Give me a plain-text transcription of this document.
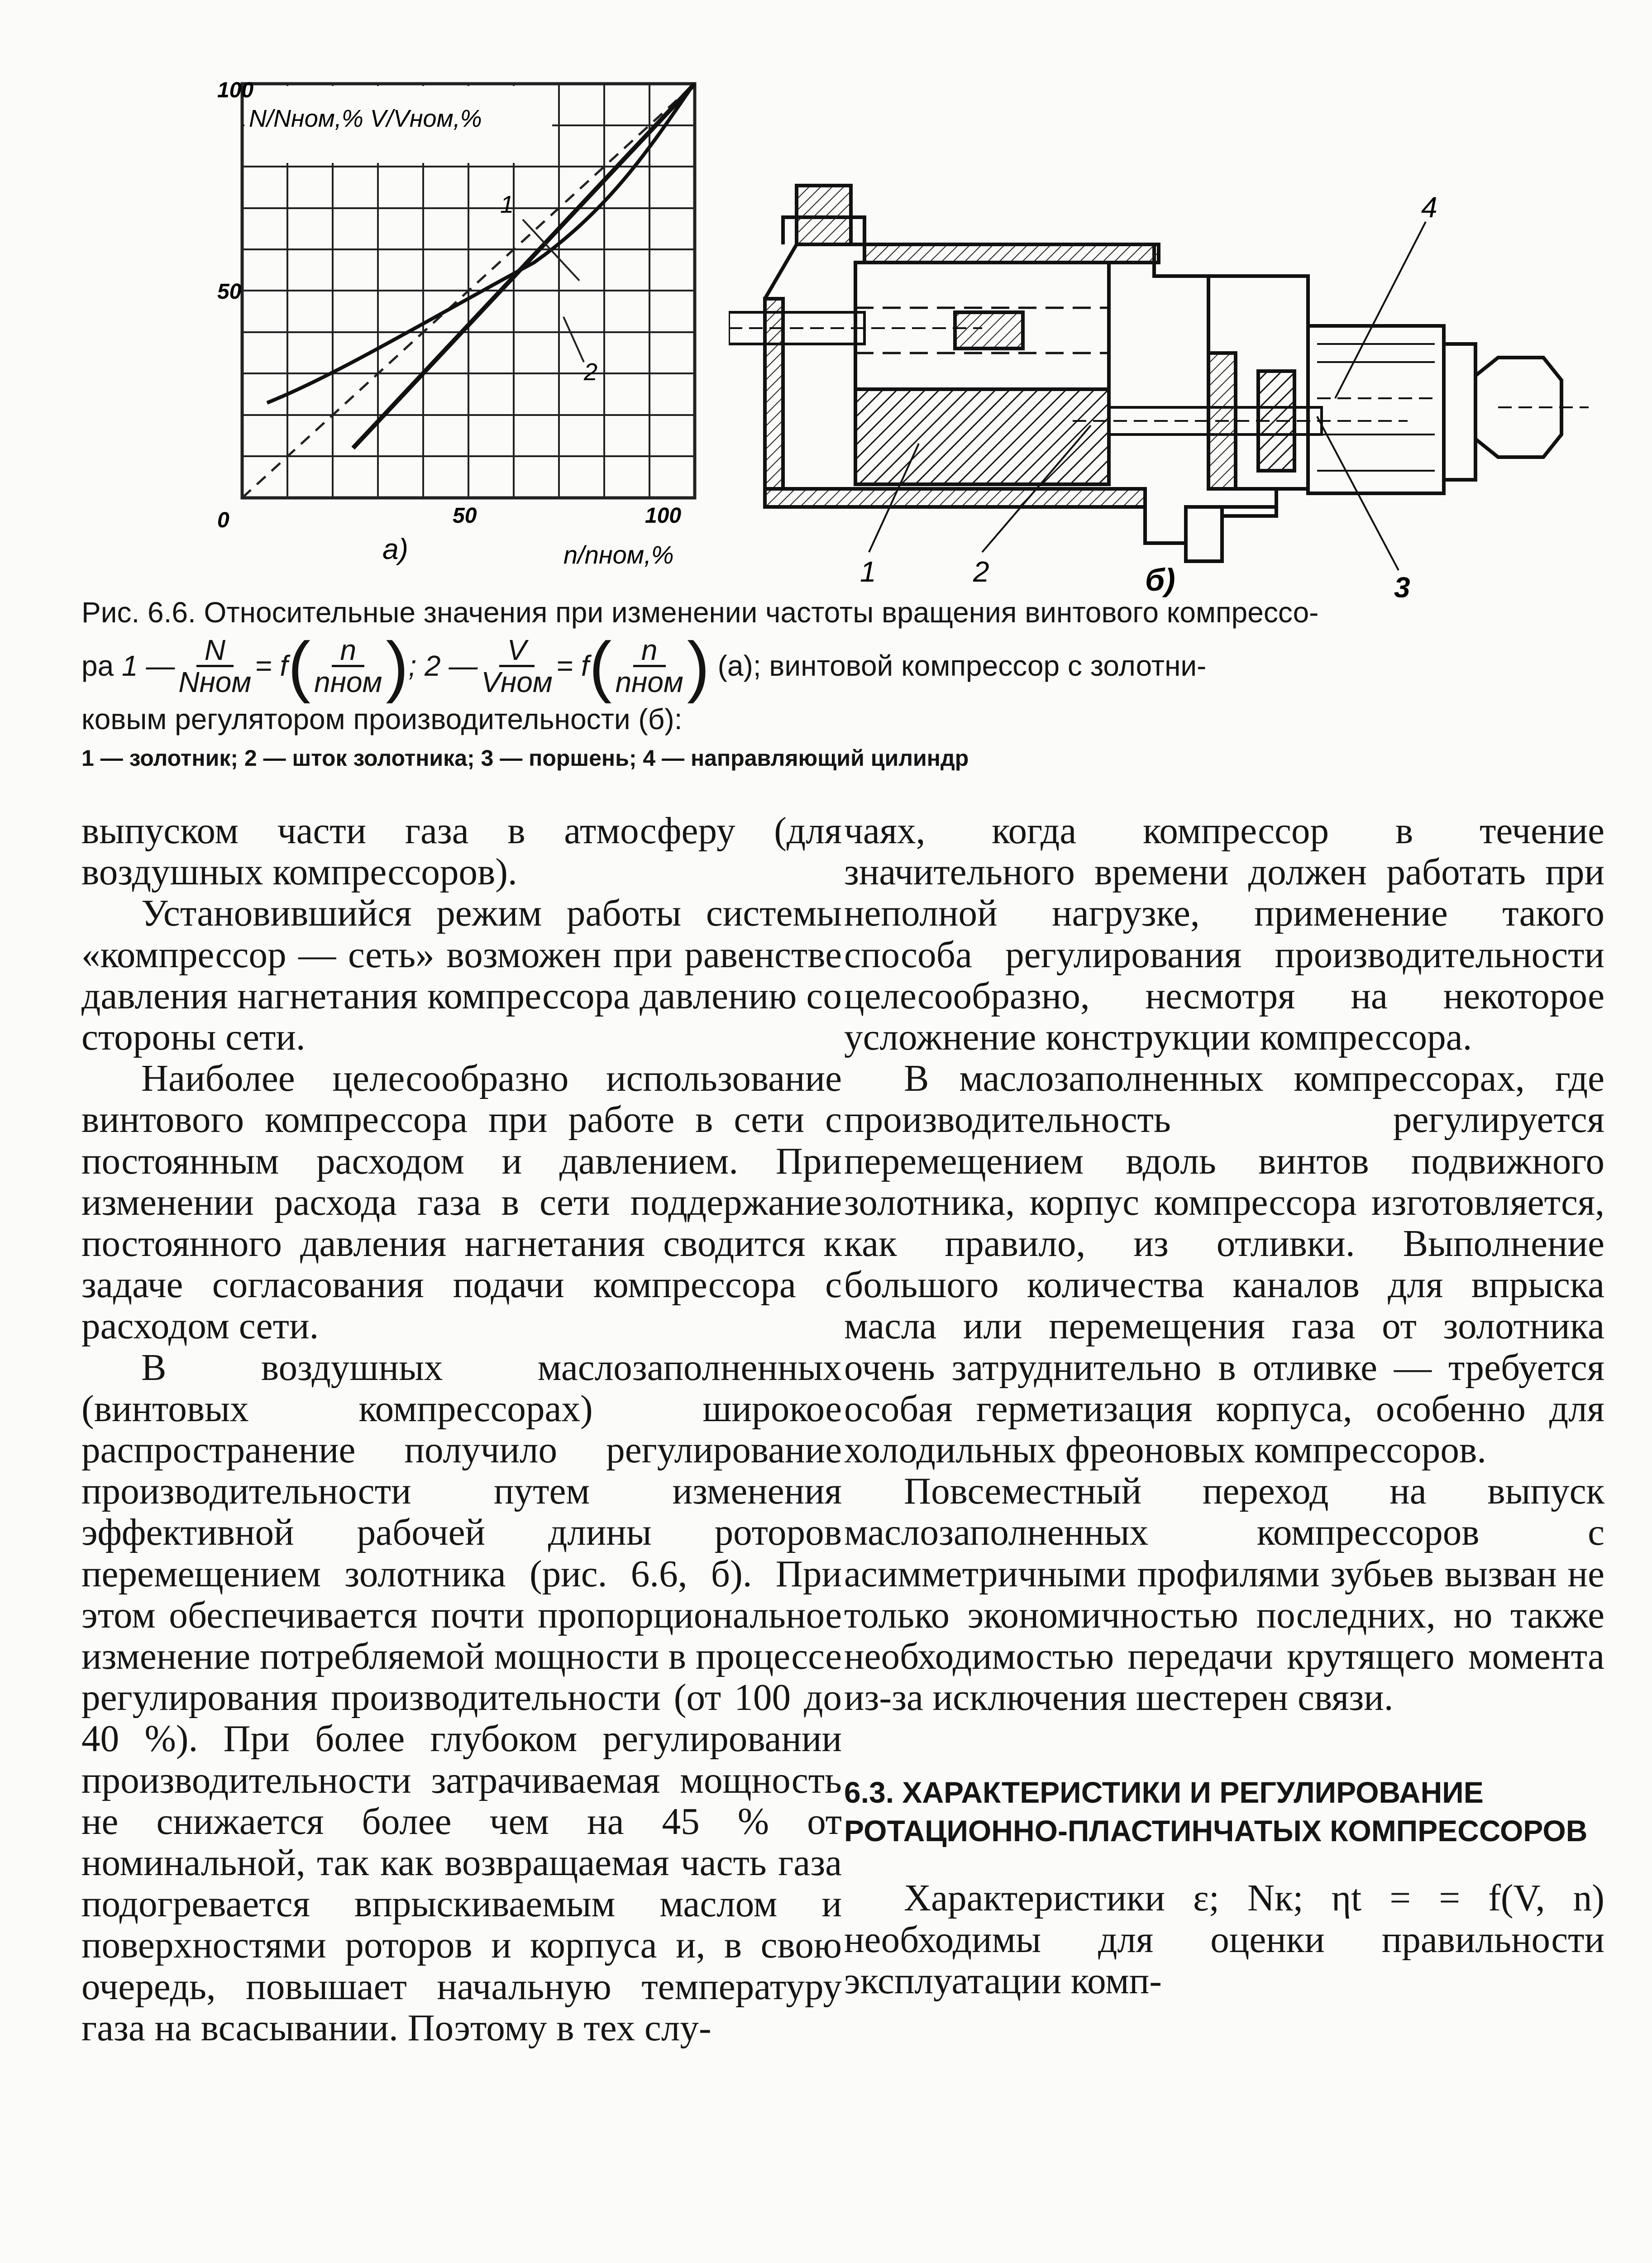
100
N/Nном,% V/Vном,%
50
0	50	100
n/nном,%
а)
1
2
1	2	3
4
б)
Рис. 6.6. Относительные значения при изменении частоты вращения винтового компрессо-
ра
1 — $\frac{N}{\text{Nном}} = f$ ( $\frac{n}{\text{nном}}$ ) ; 2 — $\frac{V}{\text{Vном}} = f$ ( $\frac{n}{\text{nном}}$ )
(а); винтовой компрессор с золотни-
ковым регулятором производительности (б):
1 — золотник; 2 — шток золотника; 3 — поршень; 4 — направляющий цилиндр

выпуском части газа в атмосферу (для воздушных компрессоров).

Установившийся режим работы системы «компрессор — сеть» возможен при равенстве давления нагнетания компрессора давлению со стороны сети.

Наиболее целесообразно использование винтового компрессора при работе в сети с постоянным расходом и давлением. При изменении расхода газа в сети поддержание постоянного давления нагнетания сводится к задаче согласования подачи компрессора с расходом сети.

В воздушных маслозаполненных (винтовых компрессорах) широкое распространение получило регулирование производительности путем изменения эффективной рабочей длины роторов перемещением золотника (рис. 6.6, б). При этом обеспечивается почти пропорциональное изменение потребляемой мощности в процессе регулирования производительности (от 100 до 40 %). При более глубоком регулировании производительности затрачиваемая мощность не снижается более чем на 45 % от номинальной, так как возвращаемая часть газа подогревается впрыскиваемым маслом и поверхностями роторов и корпуса и, в свою очередь, повышает начальную температуру газа на всасывании. Поэтому в тех слу-

чаях, когда компрессор в течение значительного времени должен работать при неполной нагрузке, применение такого способа регулирования производительности целесообразно, несмотря на некоторое усложнение конструкции компрессора.

В маслозаполненных компрессорах, где производительность регулируется перемещением вдоль винтов подвижного золотника, корпус компрессора изготовляется, как правило, из отливки. Выполнение большого количества каналов для впрыска масла или перемещения газа от золотника очень затруднительно в отливке — требуется особая герметизация корпуса, особенно для холодильных фреоновых компрессоров.

Повсеместный переход на выпуск маслозаполненных компрессоров с асимметричными профилями зубьев вызван не только экономичностью последних, но также необходимостью передачи крутящего момента из-за исключения шестерен связи.

6.3. ХАРАКТЕРИСТИКИ И РЕГУЛИРОВАНИЕ РОТАЦИОННО-ПЛАСТИНЧАТЫХ КОМПРЕССОРОВ

Характеристики ε; Nк; ηt = = f(V, n) необходимы для оценки правильности эксплуатации комп-
